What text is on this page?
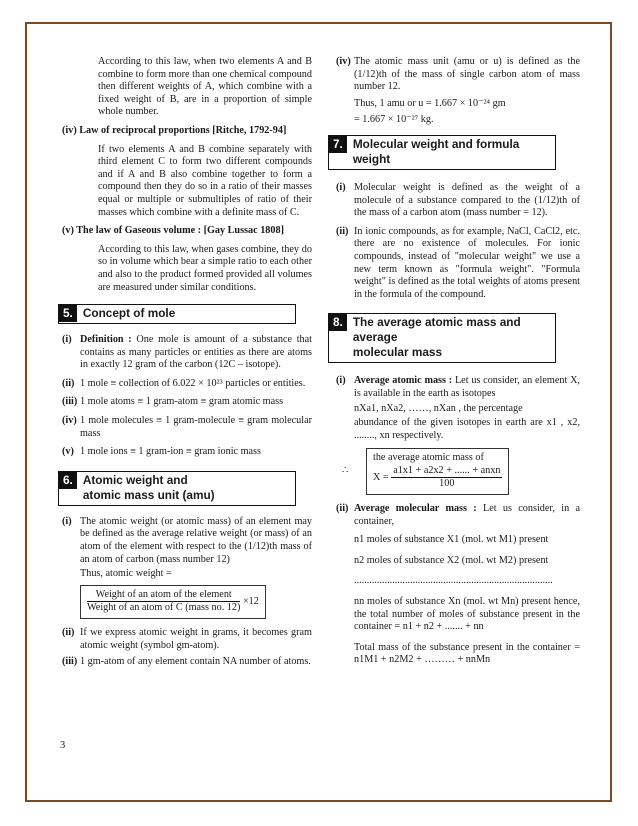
According to this law, when two elements A and B combine to form more than one chemical compound then different weights of A, which combine with a fixed weight of B, are in a proportion of simple whole number.

(iv) Law of reciprocal proportions [Ritche, 1792-94]

If two elements A and B combine separately with third element C to form two different compounds and if A and B also combine together to form a compound then they do so in a ratio of their masses equal or multiple or submultiples of ratio of their masses which combine with a definite mass of C.

(v) The law of Gaseous volume : [Gay Lussac 1808]

According to this law, when gases combine, they do so in volume which bear a simple ratio to each other and also to the product formed provided all volumes are measured under similar conditions.

5. Concept of mole
(i) Definition : One mole is amount of a substance that contains as many particles or entities as there are atoms in exactly 12 gram of the carbon (12C – isotope).
(ii) 1 mole ≡ collection of 6.022 × 10²³ particles or entities.
(iii) 1 mole atoms ≡ 1 gram-atom ≡ gram atomic mass
(iv) 1 mole molecules ≡ 1 gram-molecule ≡ gram molecular mass
(v) 1 mole ions ≡ 1 gram-ion ≡ gram ionic mass
6. Atomic weight and
atomic mass unit (amu)
(i) The atomic weight (or atomic mass) of an element may be defined as the average relative weight (or mass) of an atom of the element with respect to the (1/12)th mass of an atom of carbon (mass number 12)

Thus, atomic weight =

$\frac{\text{Weight of an atom of the element}}{\text{Weight of an atom of C (mass no. 12)}} \times 12$
(ii) If we express atomic weight in grams, it becomes gram atomic weight (symbol gm-atom).
(iii) 1 gm-atom of any element contain NA number of atoms.
(iv) The atomic mass unit (amu or u) is defined as the (1/12)th of the mass of single carbon atom of mass number 12.

Thus, 1 amu or u = 1.667 × 10⁻²⁴ gm

= 1.667 × 10⁻²⁷ kg.

7. Molecular weight and formula weight
(i) Molecular weight is defined as the weight of a molecule of a substance compared to the (1/12)th of the mass of a carbon atom (mass number = 12).
(ii) In ionic compounds, as for example, NaCl, CaCl2, etc. there are no existence of molecules. For ionic compounds, instead of "molecular weight" we use a new term known as "formula weight". "Formula weight" is defined as the total weights of atoms present in the formula of the compound.
8. The average atomic mass and average
molecular mass
(i) Average atomic mass : Let us consider, an element X, is available in the earth as isotopes

nXa1, nXa2, ……, nXan , the percentage

abundance of the given isotopes in earth are x1 , x2, ........, xn respectively.

∴
the average atomic mass of
$X = \frac{\text{a1x1 + a2x2 + ...... + anxn}}{100}$
(ii) Average molecular mass : Let us consider, in a container,

n1 moles of substance X1 (mol. wt M1) present

n2 moles of substance X2 (mol. wt M2) present

..............................................................................

nn moles of substance Xn (mol. wt Mn) present hence, the total number of moles of substance present in the container = n1 + n2 + ....... + nn

Total mass of the substance present in the container = n1M1 + n2M2 + ……… + nnMn

3
